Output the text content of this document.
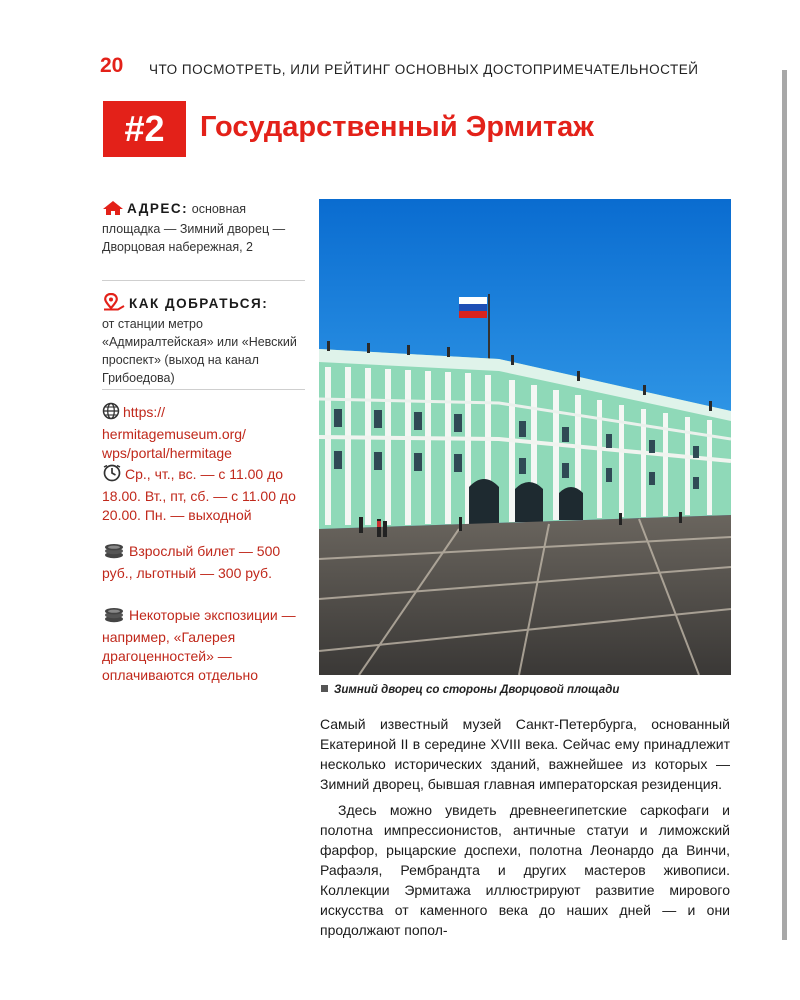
20 ЧТО ПОСМОТРЕТЬ, ИЛИ РЕЙТИНГ ОСНОВНЫХ ДОСТОПРИМЕЧАТЕЛЬНОСТЕЙ
#2	Государственный Эрмитаж
АДРЕС: основная площадка — Зимний дворец — Дворцовая набережная, 2
КАК ДОБРАТЬСЯ:
от станции метро «Адмиралтейская» или «Невский проспект» (выход на канал Грибоедова)
https:// hermitagemuseum.org/ wps/portal/hermitage
Ср., чт., вс. — с 11.00 до 18.00. Вт., пт, сб. — с 11.00 до 20.00. Пн. — выходной
Взрослый билет — 500 руб., льготный — 300 руб.
Некоторые экспозиции — например, «Галерея драгоценностей» — оплачиваются отдельно
Зимний дворец со стороны Дворцовой площади

Самый известный музей Санкт-Петербурга, основанный Екатериной II в середине XVIII века. Сейчас ему принадлежит несколько исторических зданий, важнейшее из которых — Зимний дворец, бывшая главная императорская резиденция.

Здесь можно увидеть древнеегипетские саркофаги и полотна импрессионистов, античные статуи и лиможский фарфор, рыцарские доспехи, полотна Леонардо да Винчи, Рафаэля, Рембрандта и других мастеров живописи. Коллекции Эрмитажа иллюстрируют развитие мирового искусства от каменного века до наших дней — и они продолжают попол-
